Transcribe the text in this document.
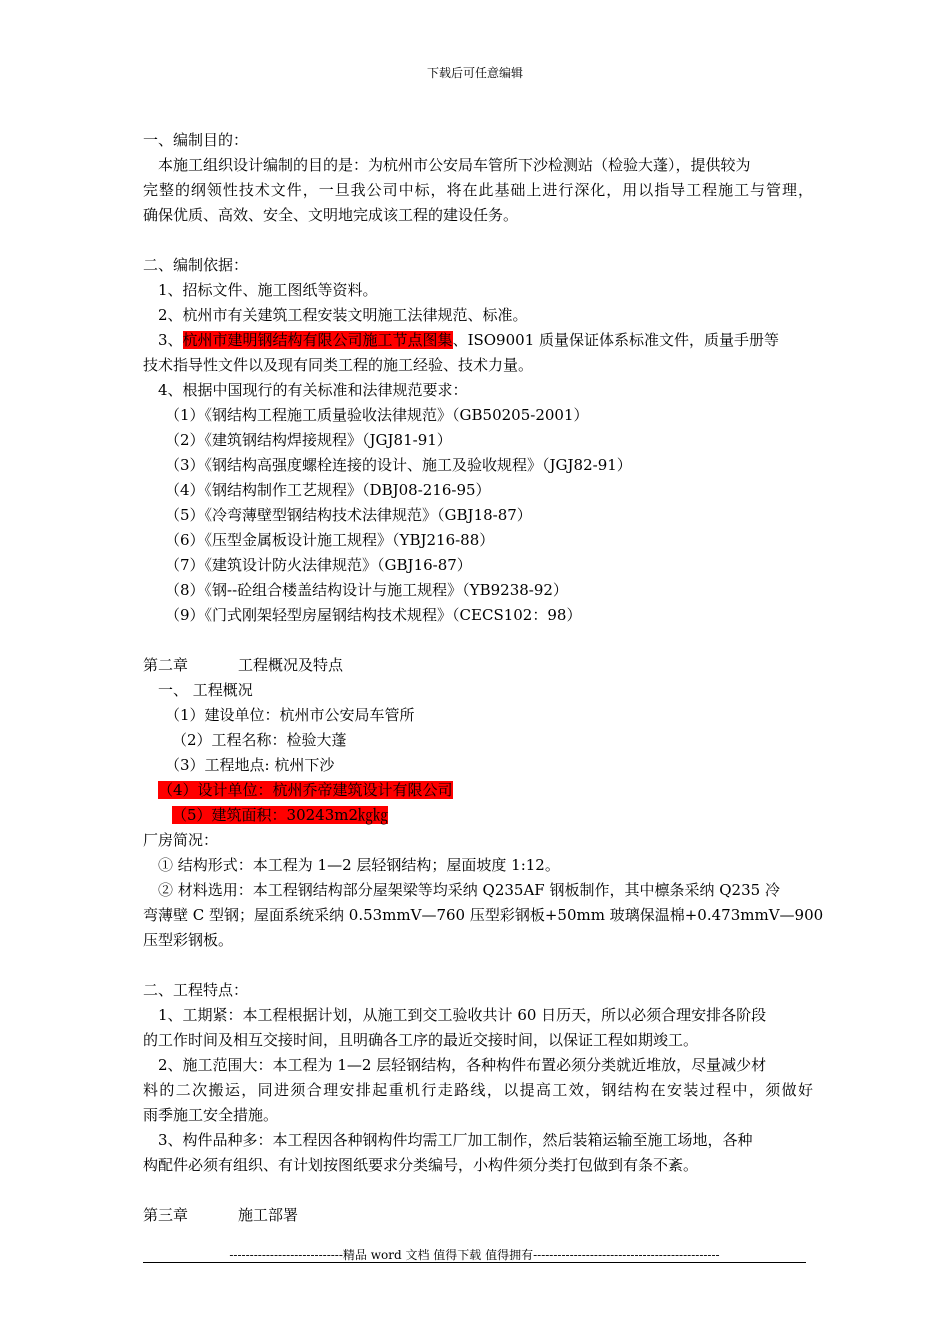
下载后可任意编辑
一、编制目的：
本施工组织设计编制的目的是：为杭州市公安局车管所下沙检测站（检验大蓬），提供较为
完整的纲领性技术文件，一旦我公司中标，将在此基础上进行深化，用以指导工程施工与管理，
确保优质、高效、安全、文明地完成该工程的建设任务。
二、编制依据：
1、招标文件、施工图纸等资料。
2、杭州市有关建筑工程安装文明施工法律规范、标准。
3、杭州市建明钢结构有限公司施工节点图集、ISO9001 质量保证体系标准文件，质量手册等
技术指导性文件以及现有同类工程的施工经验、技术力量。
4、根据中国现行的有关标准和法律规范要求：
（1）《钢结构工程施工质量验收法律规范》（GB50205-2001）
（2）《建筑钢结构焊接规程》（JGJ81-91）
（3）《钢结构高强度螺栓连接的设计、施工及验收规程》（JGJ82-91）
（4）《钢结构制作工艺规程》（DBJ08-216-95）
（5）《冷弯薄壁型钢结构技术法律规范》（GBJ18-87）
（6）《压型金属板设计施工规程》（YBJ216-88）
（7）《建筑设计防火法律规范》（GBJ16-87）
（8）《钢--砼组合楼盖结构设计与施工规程》（YB9238-92）
（9）《门式刚架轻型房屋钢结构技术规程》（CECS102：98）
第二章	工程概况及特点
一、 工程概况
（1）建设单位：杭州市公安局车管所
（2）工程名称：检验大蓬
（3）工程地点: 杭州下沙
（4）设计单位：杭州乔帝建筑设计有限公司
（5）建筑面积：30243m2㎏㎏
厂房简况：
① 结构形式：本工程为 1—2 层轻钢结构；屋面坡度 1:12。
② 材料选用：本工程钢结构部分屋架梁等均采纳 Q235AF 钢板制作，其中檩条采纳 Q235 冷
弯薄壁 C 型钢；屋面系统采纳 0.53mmV—760 压型彩钢板+50mm 玻璃保温棉+0.473mmV—900
压型彩钢板。
二、工程特点：
1、工期紧：本工程根据计划，从施工到交工验收共计 60 日历天，所以必须合理安排各阶段
的工作时间及相互交接时间，且明确各工序的最近交接时间，以保证工程如期竣工。
2、施工范围大：本工程为 1—2 层轻钢结构，各种构件布置必须分类就近堆放，尽量减少材
料的二次搬运，同进须合理安排起重机行走路线，以提高工效，钢结构在安装过程中，须做好
雨季施工安全措施。
3、构件品种多：本工程因各种钢构件均需工厂加工制作，然后装箱运输至施工场地，各种
构配件必须有组织、有计划按图纸要求分类编号，小构件须分类打包做到有条不紊。
第三章	施工部署
----------------------------精品 word 文档 值得下载 值得拥有----------------------------------------------
